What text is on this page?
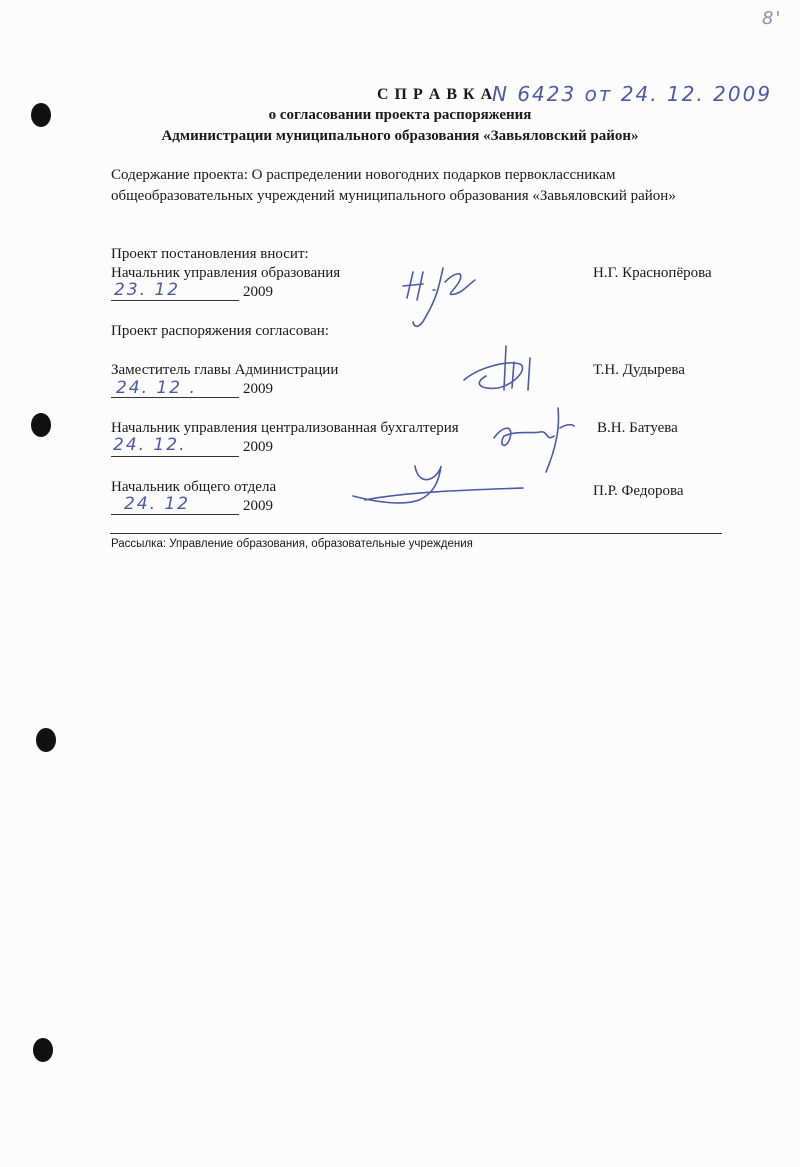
8'
С П Р А В К А
N 6423 от 24. 12. 2009
о согласовании проекта распоряжения
Администрации муниципального образования «Завьяловский район»
Содержание проекта: О распределении новогодних подарков первоклассникам
общеобразовательных учреждений муниципального образования «Завьяловский район»
Проект постановления вносит:
Начальник управления образования
23. 12	2009
Н.Г. Краснопёрова
Проект распоряжения согласован:
Заместитель главы Администрации
24. 12 .	2009
Т.Н. Дудырева
Начальник управления централизованная бухгалтерия
24. 12.	2009
В.Н. Батуева
Начальник общего отдела
24. 12	2009
П.Р. Федорова
Рассылка: Управление образования, образовательные учреждения
